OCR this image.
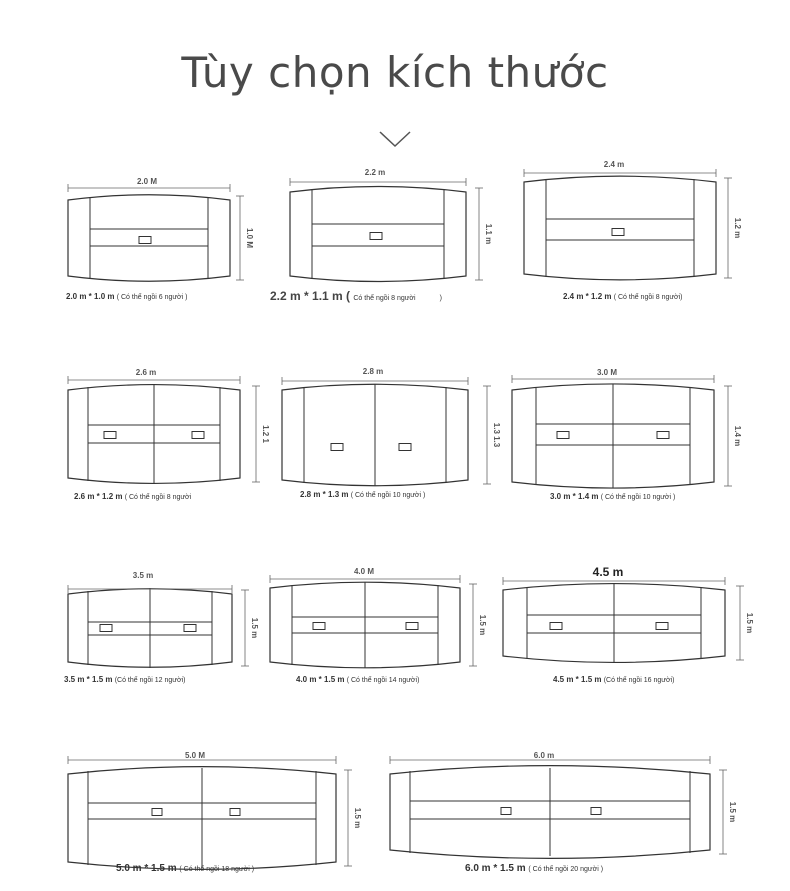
Tùy chọn kích thước
2.0 M
1.0 M
2.0 m * 1.0 m ( Có thể ngồi 6 người )
2.2 m
1.1 m
2.2 m * 1.1 m ( Có thể ngồi 8 người	)
2.4 m
1.2 m
2.4 m * 1.2 m ( Có thể ngồi 8 người)
2.6 m
1.2 1
2.6 m * 1.2 m ( Có thể ngồi 8 người
2.8 m
1.3 1.3
2.8 m * 1.3 m ( Có thể ngồi 10 người )
3.0 M
1.4 m
3.0 m * 1.4 m ( Có thể ngồi 10 người )
3.5 m
1.5 m
3.5 m * 1.5 m (Có thể ngồi 12 người)
4.0 M
1.5 m
4.0 m * 1.5 m ( Có thể ngồi 14 người)
4.5 m
1.5 m
4.5 m * 1.5 m (Có thể ngồi 16 người)
5.0 M
1.5 m
5.0 m * 1.5 m ( Có thể ngồi 18 người )
6.0 m
1.5 m
6.0 m * 1.5 m ( Có thể ngồi 20 người )
